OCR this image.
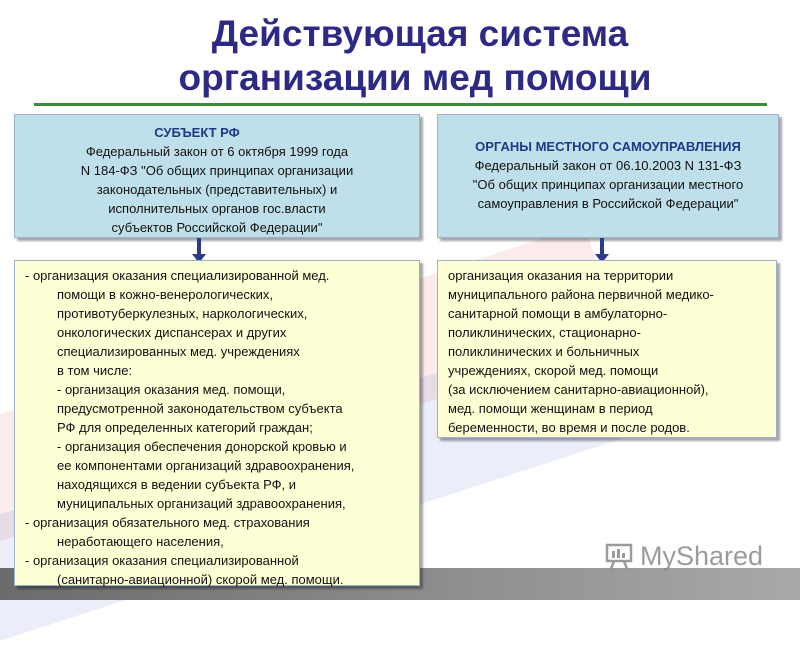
Действующая система
организации мед помощи
СУБЪЕКТ РФ
Федеральный закон от 6 октября 1999 года
N 184-ФЗ "Об общих принципах организации
законодательных (представительных) и
исполнительных органов гос.власти
субъектов Российской Федерации"
ОРГАНЫ МЕСТНОГО САМОУПРАВЛЕНИЯ
Федеральный закон от 06.10.2003 N 131-ФЗ
"Об общих принципах организации местного
самоуправления в Российской Федерации"
- организация оказания специализированной мед.
помощи в кожно-венерологических,
противотуберкулезных, наркологических,
онкологических диспансерах и других
специализированных мед. учреждениях
в том числе:
- организация оказания мед. помощи,
предусмотренной законодательством субъекта
РФ для определенных категорий граждан;
- организация обеспечения донорской кровью и
ее компонентами организаций здравоохранения,
находящихся в ведении субъекта РФ, и
муниципальных организаций здравоохранения,
- организация обязательного мед. страхования
неработающего населения,
- организация оказания специализированной
(санитарно-авиационной) скорой мед. помощи.
организация оказания на территории
муниципального района первичной медико-
санитарной помощи в амбулаторно-
поликлинических, стационарно-
поликлинических и больничных
учреждениях, скорой мед. помощи
(за исключением санитарно-авиационной),
мед. помощи женщинам в период
беременности, во время и после родов.
MyShared
